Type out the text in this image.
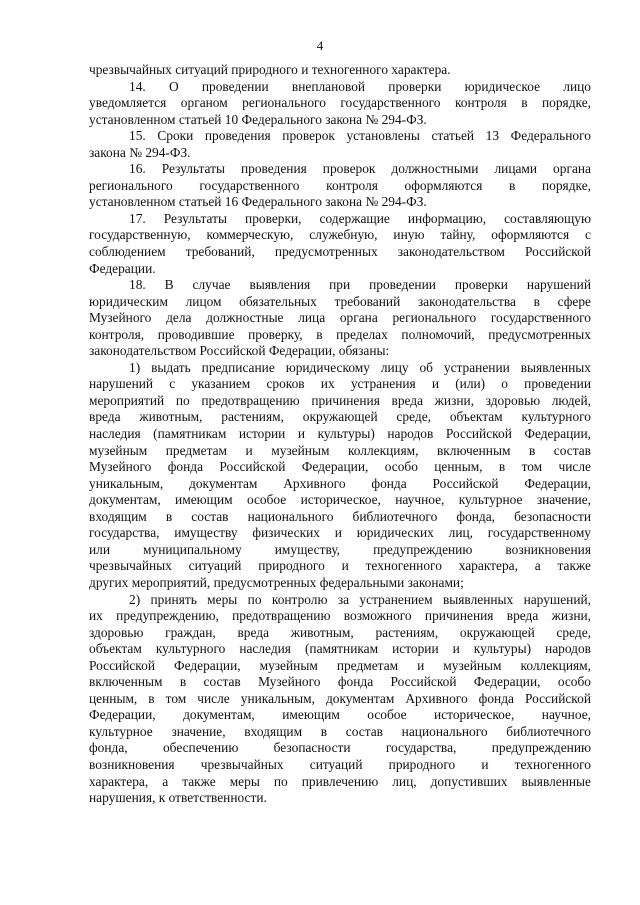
4
чрезвычайных ситуаций природного и техногенного характера.
14. О проведении внеплановой проверки юридическое лицо
уведомляется органом регионального государственного контроля в порядке,
установленном статьей 10 Федерального закона № 294-ФЗ.
15. Сроки проведения проверок установлены статьей 13 Федерального
закона № 294-ФЗ.
16. Результаты проведения проверок должностными лицами органа
регионального государственного контроля оформляются в порядке,
установленном статьей 16 Федерального закона № 294-ФЗ.
17. Результаты проверки, содержащие информацию, составляющую
государственную, коммерческую, служебную, иную тайну, оформляются с
соблюдением требований, предусмотренных законодательством Российской
Федерации.
18. В случае выявления при проведении проверки нарушений
юридическим лицом обязательных требований законодательства в сфере
Музейного дела должностные лица органа регионального государственного
контроля, проводившие проверку, в пределах полномочий, предусмотренных
законодательством Российской Федерации, обязаны:
1) выдать предписание юридическому лицу об устранении выявленных
нарушений с указанием сроков их устранения и (или) о проведении
мероприятий по предотвращению причинения вреда жизни, здоровью людей,
вреда животным, растениям, окружающей среде, объектам культурного
наследия (памятникам истории и культуры) народов Российской Федерации,
музейным предметам и музейным коллекциям, включенным в состав
Музейного фонда Российской Федерации, особо ценным, в том числе
уникальным, документам Архивного фонда Российской Федерации,
документам, имеющим особое историческое, научное, культурное значение,
входящим в состав национального библиотечного фонда, безопасности
государства, имуществу физических и юридических лиц, государственному
или муниципальному имуществу, предупреждению возникновения
чрезвычайных ситуаций природного и техногенного характера, а также
других мероприятий, предусмотренных федеральными законами;
2) принять меры по контролю за устранением выявленных нарушений,
их предупреждению, предотвращению возможного причинения вреда жизни,
здоровью граждан, вреда животным, растениям, окружающей среде,
объектам культурного наследия (памятникам истории и культуры) народов
Российской Федерации, музейным предметам и музейным коллекциям,
включенным в состав Музейного фонда Российской Федерации, особо
ценным, в том числе уникальным, документам Архивного фонда Российской
Федерации, документам, имеющим особое историческое, научное,
культурное значение, входящим в состав национального библиотечного
фонда, обеспечению безопасности государства, предупреждению
возникновения чрезвычайных ситуаций природного и техногенного
характера, а также меры по привлечению лиц, допустивших выявленные
нарушения, к ответственности.
